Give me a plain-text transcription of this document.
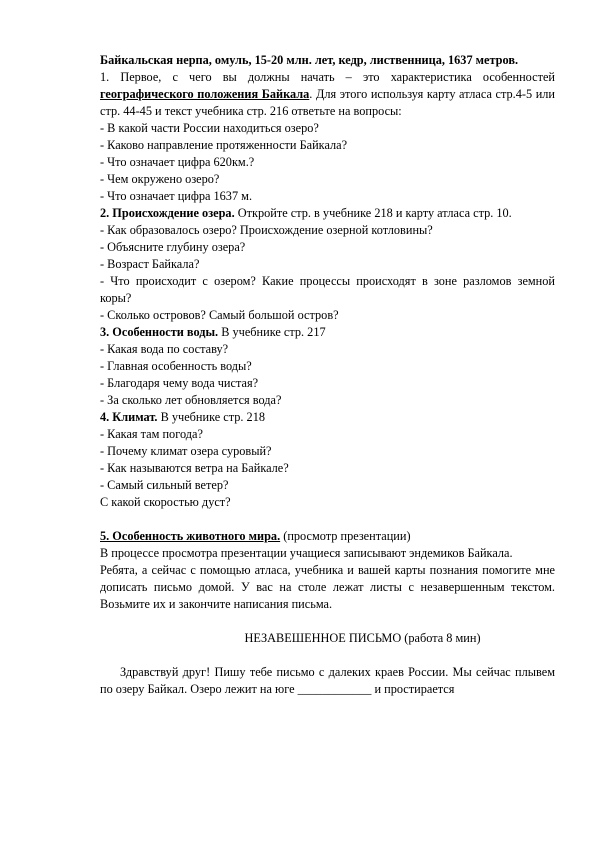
Байкальская нерпа, омуль, 15-20 млн. лет, кедр, лиственница, 1637 метров.

1. Первое, с чего вы должны начать – это характеристика особенностей географического положения Байкала. Для этого используя карту атласа стр.4-5 или стр. 44-45 и текст учебника стр. 216 ответьте на вопросы:

- В какой части России находиться озеро?

- Каково направление протяженности Байкала?

- Что означает цифра 620км.?

- Чем окружено озеро?

- Что означает цифра 1637 м.

2. Происхождение озера. Откройте стр. в учебнике 218 и карту атласа стр. 10.

- Как образовалось озеро? Происхождение озерной котловины?

- Объясните глубину озера?

- Возраст Байкала?

- Что происходит с озером? Какие процессы происходят в зоне разломов земной коры?

- Сколько островов? Самый большой остров?

3. Особенности воды. В учебнике стр. 217

- Какая вода по составу?

- Главная особенность воды?

- Благодаря чему вода чистая?

- За сколько лет обновляется вода?

4. Климат. В учебнике стр. 218

- Какая там погода?

- Почему климат озера суровый?

- Как называются ветра на Байкале?

- Самый сильный ветер?

С какой скоростью дуст?

5. Особенность животного мира. (просмотр презентации)

В процессе просмотра презентации учащиеся записывают эндемиков Байкала.

Ребята, а сейчас с помощью атласа, учебника и вашей карты познания помогите мне дописать письмо домой. У вас на столе лежат листы с незавершенным текстом. Возьмите их и закончите написания письма.

НЕЗАВЕШЕННОЕ ПИСЬМО (работа 8 мин)

Здравствуй друг! Пишу тебе письмо с далеких краев России. Мы сейчас плывем по озеру Байкал. Озеро лежит на юге ____________ и простирается
